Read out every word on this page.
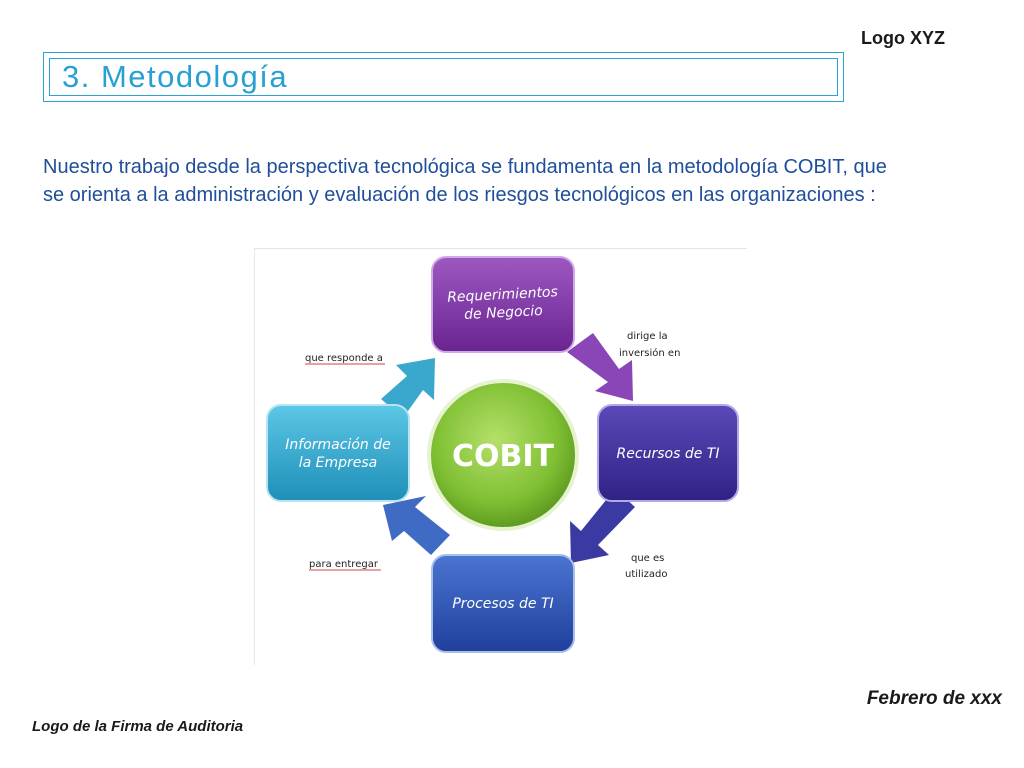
Logo XYZ
3. Metodología
Nuestro trabajo desde la perspectiva tecnológica se fundamenta en la metodología COBIT, que se orienta a la administración y evaluación de los riesgos tecnológicos en las organizaciones :
COBIT
Requerimientos
de Negocio
Recursos de TI
Procesos de TI
Información de
la Empresa
dirige la
inversión en
que es
utilizado
para entregar
que responde a
Febrero de xxx
Logo de la Firma de Auditoria
